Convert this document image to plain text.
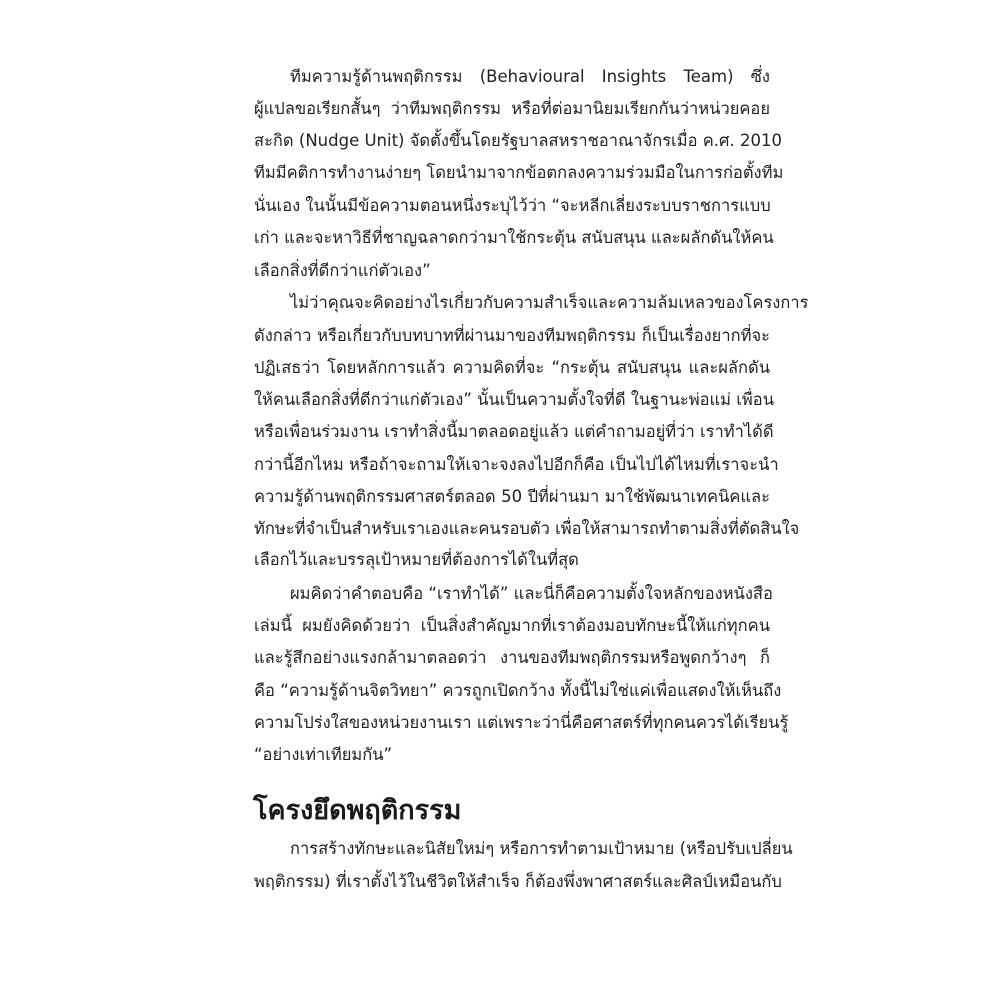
ทีมความรู้ด้านพฤติกรรม (Behavioural Insights Team) ซึ่ง
ผู้แปลขอเรียกสั้นๆ ว่าทีมพฤติกรรม หรือที่ต่อมานิยมเรียกกันว่าหน่วยคอย
สะกิด (Nudge Unit) จัดตั้งขึ้นโดยรัฐบาลสหราชอาณาจักรเมื่อ ค.ศ. 2010
ทีมมีคติการทำงานง่ายๆ โดยนำมาจากข้อตกลงความร่วมมือในการก่อตั้งทีม
นั่นเอง ในนั้นมีข้อความตอนหนึ่งระบุไว้ว่า “จะหลีกเลี่ยงระบบราชการแบบ
เก่า และจะหาวิธีที่ชาญฉลาดกว่ามาใช้กระตุ้น สนับสนุน และผลักดันให้คน
เลือกสิ่งที่ดีกว่าแก่ตัวเอง”
ไม่ว่าคุณจะคิดอย่างไรเกี่ยวกับความสำเร็จและความล้มเหลวของโครงการ
ดังกล่าว หรือเกี่ยวกับบทบาทที่ผ่านมาของทีมพฤติกรรม ก็เป็นเรื่องยากที่จะ
ปฏิเสธว่า โดยหลักการแล้ว ความคิดที่จะ “กระตุ้น สนับสนุน และผลักดัน
ให้คนเลือกสิ่งที่ดีกว่าแก่ตัวเอง” นั้นเป็นความตั้งใจที่ดี ในฐานะพ่อแม่ เพื่อน
หรือเพื่อนร่วมงาน เราทำสิ่งนี้มาตลอดอยู่แล้ว แต่คำถามอยู่ที่ว่า เราทำได้ดี
กว่านี้อีกไหม หรือถ้าจะถามให้เจาะจงลงไปอีกก็คือ เป็นไปได้ไหมที่เราจะนำ
ความรู้ด้านพฤติกรรมศาสตร์ตลอด 50 ปีที่ผ่านมา มาใช้พัฒนาเทคนิคและ
ทักษะที่จำเป็นสำหรับเราเองและคนรอบตัว เพื่อให้สามารถทำตามสิ่งที่ตัดสินใจ
เลือกไว้และบรรลุเป้าหมายที่ต้องการได้ในที่สุด
ผมคิดว่าคำตอบคือ “เราทำได้” และนี่ก็คือความตั้งใจหลักของหนังสือ
เล่มนี้ ผมยังคิดด้วยว่า เป็นสิ่งสำคัญมากที่เราต้องมอบทักษะนี้ให้แก่ทุกคน
และรู้สึกอย่างแรงกล้ามาตลอดว่า งานของทีมพฤติกรรมหรือพูดกว้างๆ ก็
คือ “ความรู้ด้านจิตวิทยา” ควรถูกเปิดกว้าง ทั้งนี้ไม่ใช่แค่เพื่อแสดงให้เห็นถึง
ความโปร่งใสของหน่วยงานเรา แต่เพราะว่านี่คือศาสตร์ที่ทุกคนควรได้เรียนรู้
“อย่างเท่าเทียมกัน”
โครงยึดพฤติกรรม
การสร้างทักษะและนิสัยใหม่ๆ หรือการทำตามเป้าหมาย (หรือปรับเปลี่ยน
พฤติกรรม) ที่เราตั้งไว้ในชีวิตให้สำเร็จ ก็ต้องพึ่งพาศาสตร์และศิลป์เหมือนกับ
